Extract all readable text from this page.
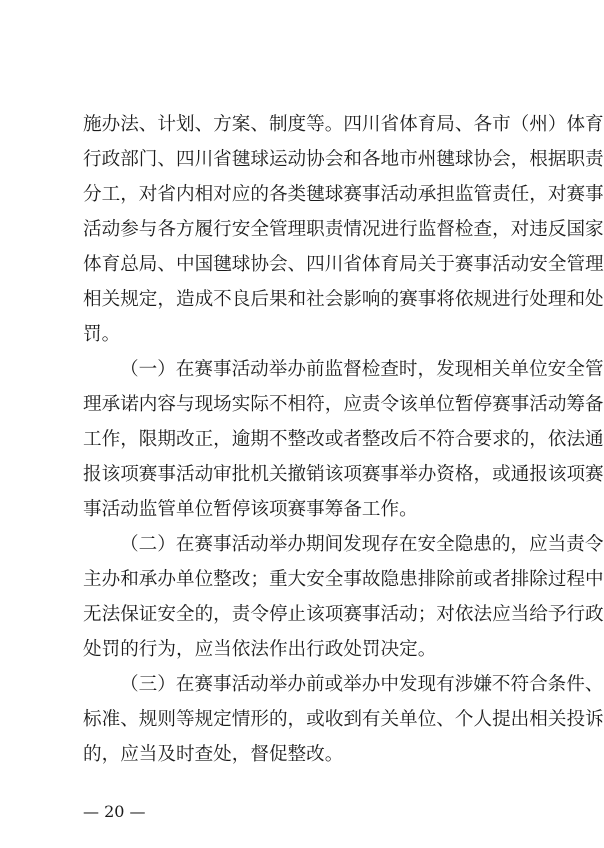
施办法、计划、方案、制度等。四川省体育局、各市（州）体育
行政部门、四川省毽球运动协会和各地市州毽球协会，根据职责
分工，对省内相对应的各类毽球赛事活动承担监管责任，对赛事
活动参与各方履行安全管理职责情况进行监督检查，对违反国家
体育总局、中国毽球协会、四川省体育局关于赛事活动安全管理
相关规定，造成不良后果和社会影响的赛事将依规进行处理和处
罚。
（一）在赛事活动举办前监督检查时，发现相关单位安全管
理承诺内容与现场实际不相符，应责令该单位暂停赛事活动筹备
工作，限期改正，逾期不整改或者整改后不符合要求的，依法通
报该项赛事活动审批机关撤销该项赛事举办资格，或通报该项赛
事活动监管单位暂停该项赛事筹备工作。
（二）在赛事活动举办期间发现存在安全隐患的，应当责令
主办和承办单位整改；重大安全事故隐患排除前或者排除过程中
无法保证安全的，责令停止该项赛事活动；对依法应当给予行政
处罚的行为，应当依法作出行政处罚决定。
（三）在赛事活动举办前或举办中发现有涉嫌不符合条件、
标准、规则等规定情形的，或收到有关单位、个人提出相关投诉
的，应当及时查处，督促整改。
— 20 —
